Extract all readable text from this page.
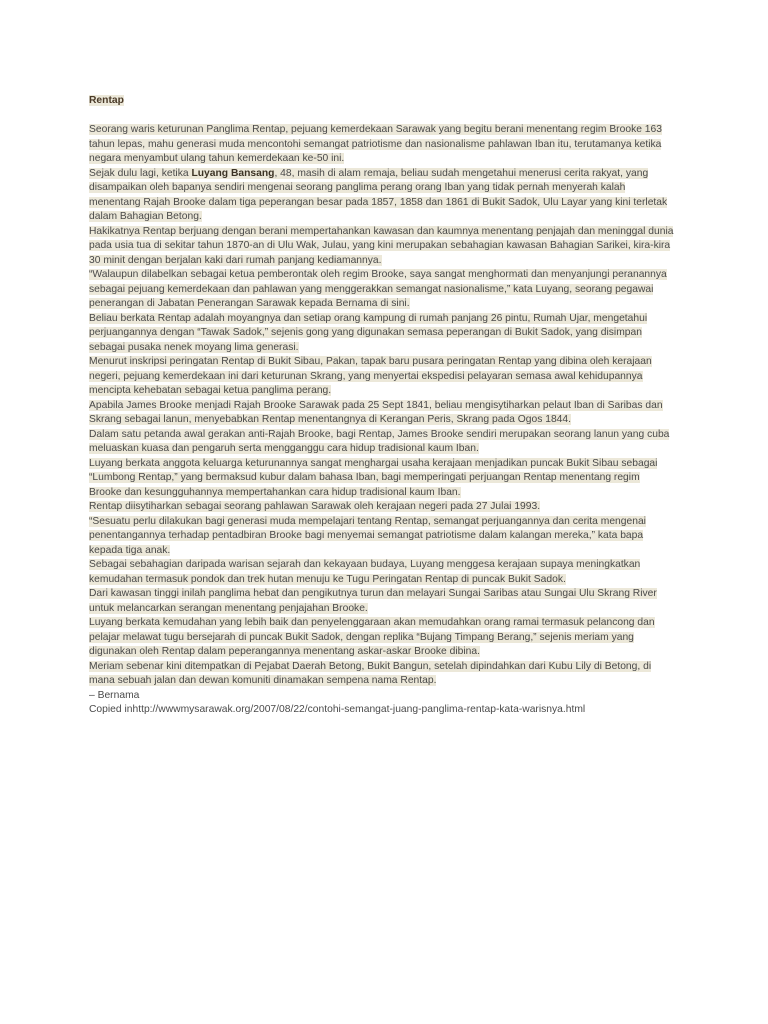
Rentap

Seorang waris keturunan Panglima Rentap, pejuang kemerdekaan Sarawak yang begitu berani menentang regim Brooke 163 tahun lepas, mahu generasi muda mencontohi semangat patriotisme dan nasionalisme pahlawan Iban itu, terutamanya ketika negara menyambut ulang tahun kemerdekaan ke-50 ini.

Sejak dulu lagi, ketika Luyang Bansang, 48, masih di alam remaja, beliau sudah mengetahui menerusi cerita rakyat, yang disampaikan oleh bapanya sendiri mengenai seorang panglima perang orang Iban yang tidak pernah menyerah kalah menentang Rajah Brooke dalam tiga peperangan besar pada 1857, 1858 dan 1861 di Bukit Sadok, Ulu Layar yang kini terletak dalam Bahagian Betong.

Hakikatnya Rentap berjuang dengan berani mempertahankan kawasan dan kaumnya menentang penjajah dan meninggal dunia pada usia tua di sekitar tahun 1870-an di Ulu Wak, Julau, yang kini merupakan sebahagian kawasan Bahagian Sarikei, kira-kira 30 minit dengan berjalan kaki dari rumah panjang kediamannya.

“Walaupun dilabelkan sebagai ketua pemberontak oleh regim Brooke, saya sangat menghormati dan menyanjungi peranannya sebagai pejuang kemerdekaan dan pahlawan yang menggerakkan semangat nasionalisme,” kata Luyang, seorang pegawai penerangan di Jabatan Penerangan Sarawak kepada Bernama di sini.

Beliau berkata Rentap adalah moyangnya dan setiap orang kampung di rumah panjang 26 pintu, Rumah Ujar, mengetahui perjuangannya dengan “Tawak Sadok,” sejenis gong yang digunakan semasa peperangan di Bukit Sadok, yang disimpan sebagai pusaka nenek moyang lima generasi.

Menurut inskripsi peringatan Rentap di Bukit Sibau, Pakan, tapak baru pusara peringatan Rentap yang dibina oleh kerajaan negeri, pejuang kemerdekaan ini dari keturunan Skrang, yang menyertai ekspedisi pelayaran semasa awal kehidupannya mencipta kehebatan sebagai ketua panglima perang.

Apabila James Brooke menjadi Rajah Brooke Sarawak pada 25 Sept 1841, beliau mengisytiharkan pelaut Iban di Saribas dan Skrang sebagai lanun, menyebabkan Rentap menentangnya di Kerangan Peris, Skrang pada Ogos 1844.

Dalam satu petanda awal gerakan anti-Rajah Brooke, bagi Rentap, James Brooke sendiri merupakan seorang lanun yang cuba meluaskan kuasa dan pengaruh serta mengganggu cara hidup tradisional kaum Iban.

Luyang berkata anggota keluarga keturunannya sangat menghargai usaha kerajaan menjadikan puncak Bukit Sibau sebagai “Lumbong Rentap,” yang bermaksud kubur dalam bahasa Iban, bagi memperingati perjuangan Rentap menentang regim Brooke dan kesungguhannya mempertahankan cara hidup tradisional kaum Iban.

Rentap diisytiharkan sebagai seorang pahlawan Sarawak oleh kerajaan negeri pada 27 Julai 1993.

“Sesuatu perlu dilakukan bagi generasi muda mempelajari tentang Rentap, semangat perjuangannya dan cerita mengenai penentangannya terhadap pentadbiran Brooke bagi menyemai semangat patriotisme dalam kalangan mereka,” kata bapa kepada tiga anak.

Sebagai sebahagian daripada warisan sejarah dan kekayaan budaya, Luyang menggesa kerajaan supaya meningkatkan kemudahan termasuk pondok dan trek hutan menuju ke Tugu Peringatan Rentap di puncak Bukit Sadok.

Dari kawasan tinggi inilah panglima hebat dan pengikutnya turun dan melayari Sungai Saribas atau Sungai Ulu Skrang River untuk melancarkan serangan menentang penjajahan Brooke.

Luyang berkata kemudahan yang lebih baik dan penyelenggaraan akan memudahkan orang ramai termasuk pelancong dan pelajar melawat tugu bersejarah di puncak Bukit Sadok, dengan replika “Bujang Timpang Berang,” sejenis meriam yang digunakan oleh Rentap dalam peperangannya menentang askar-askar Brooke dibina.

Meriam sebenar kini ditempatkan di Pejabat Daerah Betong, Bukit Bangun, setelah dipindahkan dari Kubu Lily di Betong, di mana sebuah jalan dan dewan komuniti dinamakan sempena nama Rentap.

– Bernama

Copied inhttp://wwwmysarawak.org/2007/08/22/contohi-semangat-juang-panglima-rentap-kata-warisnya.html
